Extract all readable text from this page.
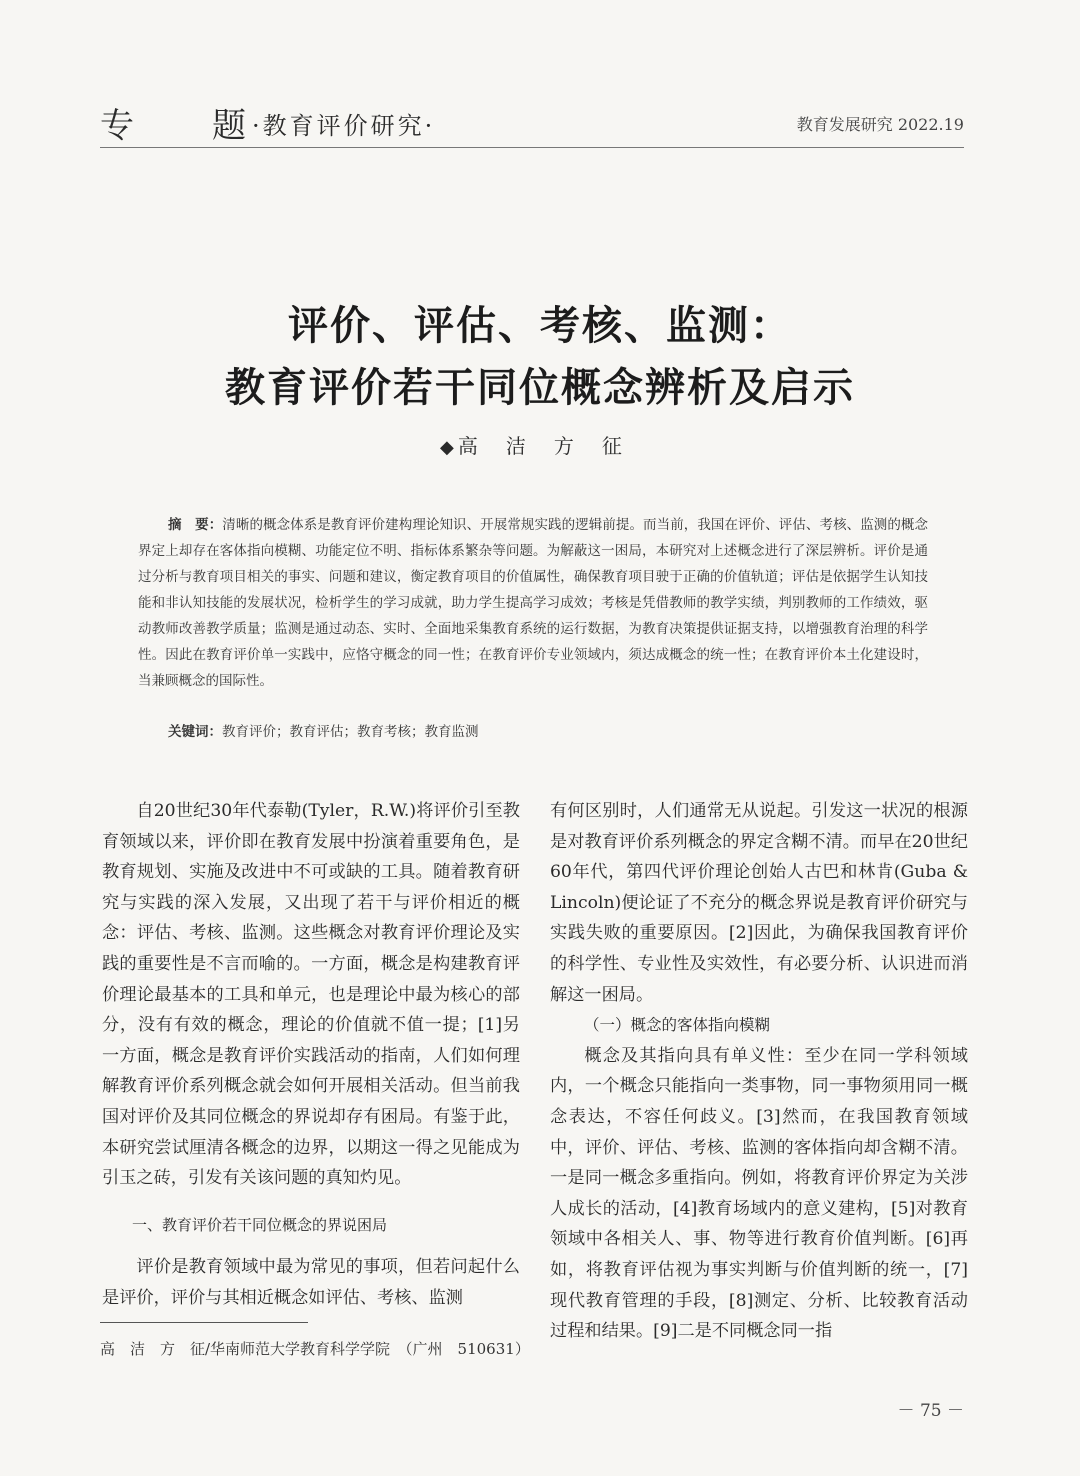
专 题 ·教育评价研究·	教育发展研究 2022.19
评价、评估、考核、监测：
教育评价若干同位概念辨析及启示
◆高洁方征
摘　要：清晰的概念体系是教育评价建构理论知识、开展常规实践的逻辑前提。而当前，我国在评价、评估、考核、监测的概念界定上却存在客体指向模糊、功能定位不明、指标体系繁杂等问题。为解蔽这一困局，本研究对上述概念进行了深层辨析。评价是通过分析与教育项目相关的事实、问题和建议，衡定教育项目的价值属性，确保教育项目驶于正确的价值轨道；评估是依据学生认知技能和非认知技能的发展状况，检析学生的学习成就，助力学生提高学习成效；考核是凭借教师的教学实绩，判别教师的工作绩效，驱动教师改善教学质量；监测是通过动态、实时、全面地采集教育系统的运行数据，为教育决策提供证据支持，以增强教育治理的科学性。因此在教育评价单一实践中，应恪守概念的同一性；在教育评价专业领域内，须达成概念的统一性；在教育评价本土化建设时，当兼顾概念的国际性。
关键词：教育评价；教育评估；教育考核；教育监测

自20世纪30年代泰勒(Tyler，R.W.)将评价引至教育领域以来，评价即在教育发展中扮演着重要角色，是教育规划、实施及改进中不可或缺的工具。随着教育研究与实践的深入发展，又出现了若干与评价相近的概念：评估、考核、监测。这些概念对教育评价理论及实践的重要性是不言而喻的。一方面，概念是构建教育评价理论最基本的工具和单元，也是理论中最为核心的部分，没有有效的概念，理论的价值就不值一提；[1]另一方面，概念是教育评价实践活动的指南，人们如何理解教育评价系列概念就会如何开展相关活动。但当前我国对评价及其同位概念的界说却存有困局。有鉴于此，本研究尝试厘清各概念的边界，以期这一得之见能成为引玉之砖，引发有关该问题的真知灼见。

一、教育评价若干同位概念的界说困局

评价是教育领域中最为常见的事项，但若问起什么是评价，评价与其相近概念如评估、考核、监测

有何区别时，人们通常无从说起。引发这一状况的根源是对教育评价系列概念的界定含糊不清。而早在20世纪60年代，第四代评价理论创始人古巴和林肯(Guba & Lincoln)便论证了不充分的概念界说是教育评价研究与实践失败的重要原因。[2]因此，为确保我国教育评价的科学性、专业性及实效性，有必要分析、认识进而消解这一困局。

（一）概念的客体指向模糊

概念及其指向具有单义性：至少在同一学科领域内，一个概念只能指向一类事物，同一事物须用同一概念表达，不容任何歧义。[3]然而，在我国教育领域中，评价、评估、考核、监测的客体指向却含糊不清。一是同一概念多重指向。例如，将教育评价界定为关涉人成长的活动，[4]教育场域内的意义建构，[5]对教育领域中各相关人、事、物等进行教育价值判断。[6]再如，将教育评估视为事实判断与价值判断的统一，[7]现代教育管理的手段，[8]测定、分析、比较教育活动过程和结果。[9]二是不同概念同一指

高　洁　方　征/华南师范大学教育科学学院　（广州　510631）
－ 75 －
